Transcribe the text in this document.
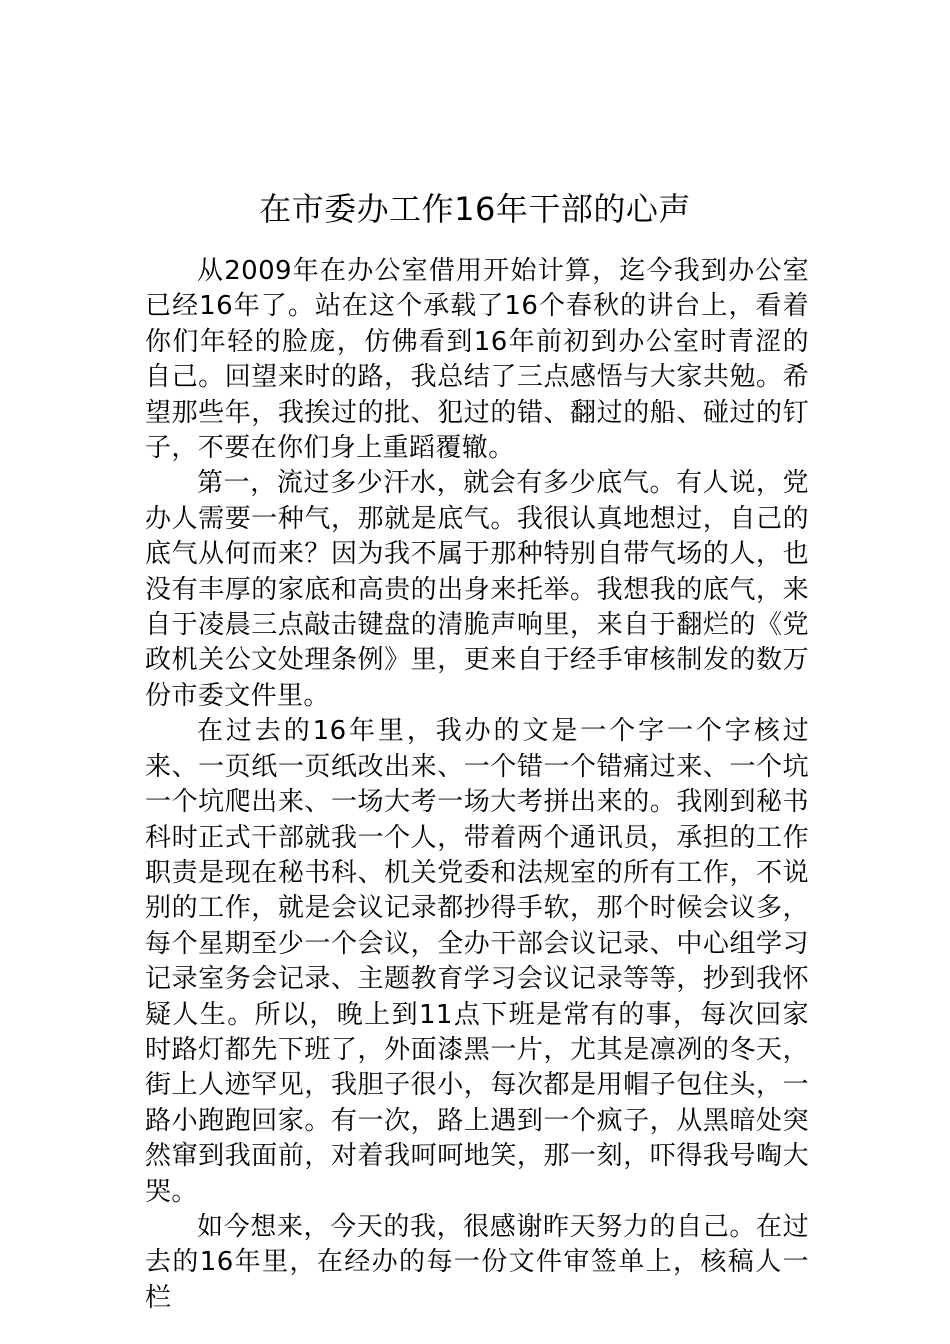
在市委办工作16年干部的心声

从2009年在办公室借用开始计算，迄今我到办公室已经16年了。站在这个承载了16个春秋的讲台上，看着你们年轻的脸庞，仿佛看到16年前初到办公室时青涩的自己。回望来时的路，我总结了三点感悟与大家共勉。希望那些年，我挨过的批、犯过的错、翻过的船、碰过的钉子，不要在你们身上重蹈覆辙。

第一，流过多少汗水，就会有多少底气。有人说，党办人需要一种气，那就是底气。我很认真地想过，自己的底气从何而来？因为我不属于那种特别自带气场的人，也没有丰厚的家底和高贵的出身来托举。我想我的底气，来自于凌晨三点敲击键盘的清脆声响里，来自于翻烂的《党政机关公文处理条例》里，更来自于经手审核制发的数万份市委文件里。

在过去的16年里，我办的文是一个字一个字核过来、一页纸一页纸改出来、一个错一个错痛过来、一个坑一个坑爬出来、一场大考一场大考拼出来的。我刚到秘书科时正式干部就我一个人，带着两个通讯员，承担的工作职责是现在秘书科、机关党委和法规室的所有工作，不说别的工作，就是会议记录都抄得手软，那个时候会议多，每个星期至少一个会议，全办干部会议记录、中心组学习记录室务会记录、主题教育学习会议记录等等，抄到我怀疑人生。所以，晚上到11点下班是常有的事，每次回家时路灯都先下班了，外面漆黑一片，尤其是凛冽的冬天，街上人迹罕见，我胆子很小，每次都是用帽子包住头，一路小跑跑回家。有一次，路上遇到一个疯子，从黑暗处突然窜到我面前，对着我呵呵地笑，那一刻，吓得我号啕大哭。

如今想来，今天的我，很感谢昨天努力的自己。在过去的16年里，在经办的每一份文件审签单上，核稿人一栏
